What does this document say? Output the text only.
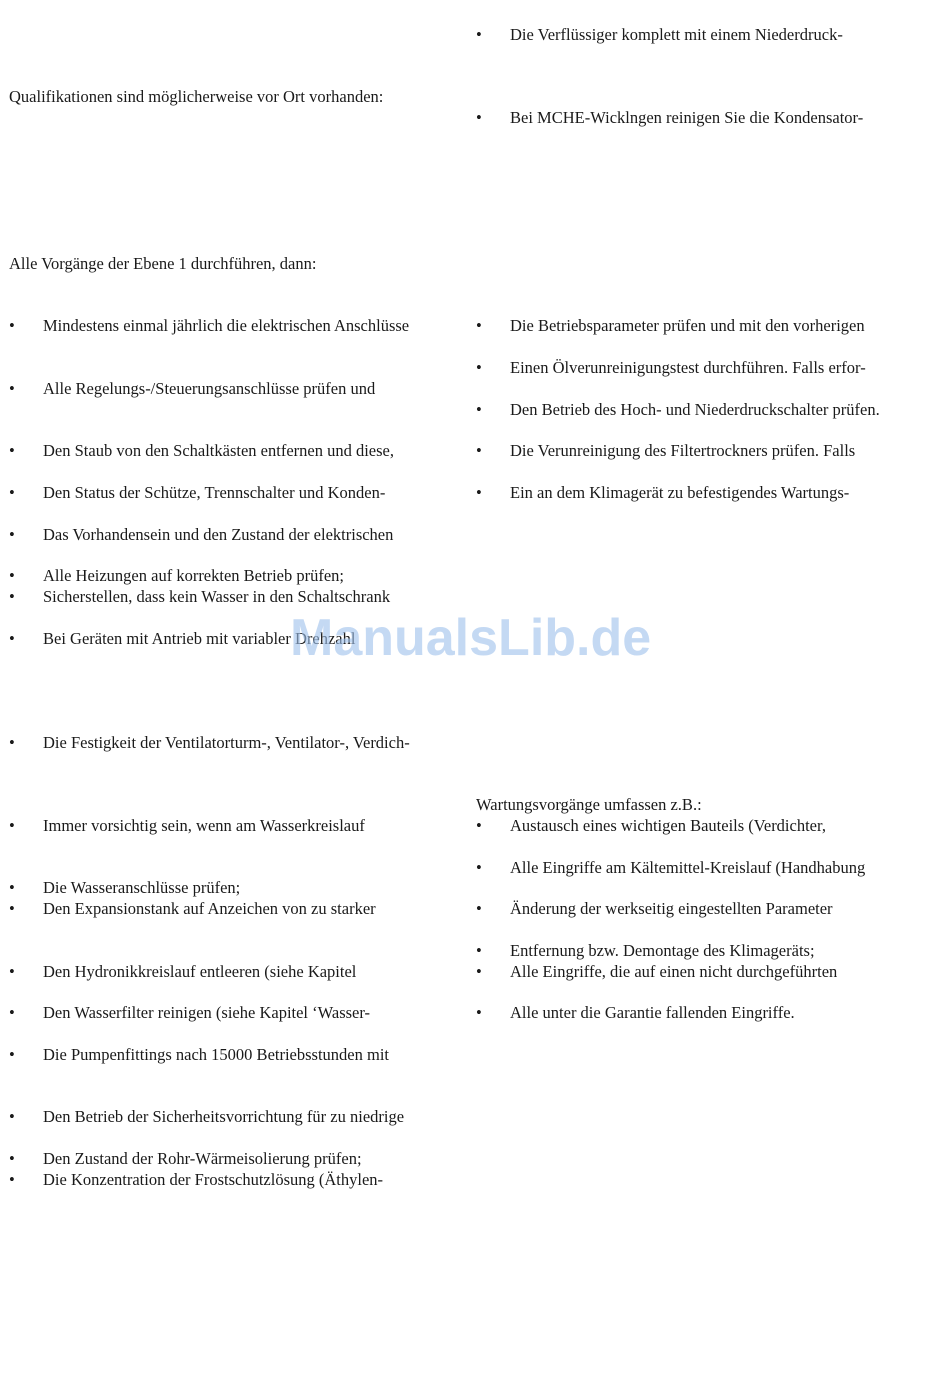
• Die Verflüssiger komplett mit einem Niederdruck-
Qualifikationen sind möglicherweise vor Ort vorhanden:
• Bei MCHE-Wicklngen reinigen Sie die Kondensator-
Alle Vorgänge der Ebene 1 durchführen, dann:
• Mindestens einmal jährlich die elektrischen Anschlüsse
• Alle Regelungs-/Steuerungsanschlüsse prüfen und
• Den Staub von den Schaltkästen entfernen und diese,
• Den Status der Schütze, Trennschalter und Konden-
• Das Vorhandensein und den Zustand der elektrischen
• Alle Heizungen auf korrekten Betrieb prüfen;
• Sicherstellen, dass kein Wasser in den Schaltschrank
• Bei Geräten mit Antrieb mit variabler Drehzahl
• Die Festigkeit der Ventilatorturm-, Ventilator-, Verdich-
• Immer vorsichtig sein, wenn am Wasserkreislauf
• Die Wasseranschlüsse prüfen;
• Den Expansionstank auf Anzeichen von zu starker
• Den Hydronikkreislauf entleeren (siehe Kapitel
• Den Wasserfilter reinigen (siehe Kapitel ‘Wasser-
• Die Pumpenfittings nach 15000 Betriebsstunden mit
• Den Betrieb der Sicherheitsvorrichtung für zu niedrige
• Den Zustand der Rohr-Wärmeisolierung prüfen;
• Die Konzentration der Frostschutzlösung (Äthylen-
• Die Betriebsparameter prüfen und mit den vorherigen
• Einen Ölverunreinigungstest durchführen. Falls erfor-
• Den Betrieb des Hoch- und Niederdruckschalter prüfen.
• Die Verunreinigung des Filtertrockners prüfen. Falls
• Ein an dem Klimagerät zu befestigendes Wartungs-
Wartungsvorgänge umfassen z.B.:
• Austausch eines wichtigen Bauteils (Verdichter,
• Alle Eingriffe am Kältemittel-Kreislauf (Handhabung
• Änderung der werkseitig eingestellten Parameter
• Entfernung bzw. Demontage des Klimageräts;
• Alle Eingriffe, die auf einen nicht durchgeführten
• Alle unter die Garantie fallenden Eingriffe.
ManualsLib.de
